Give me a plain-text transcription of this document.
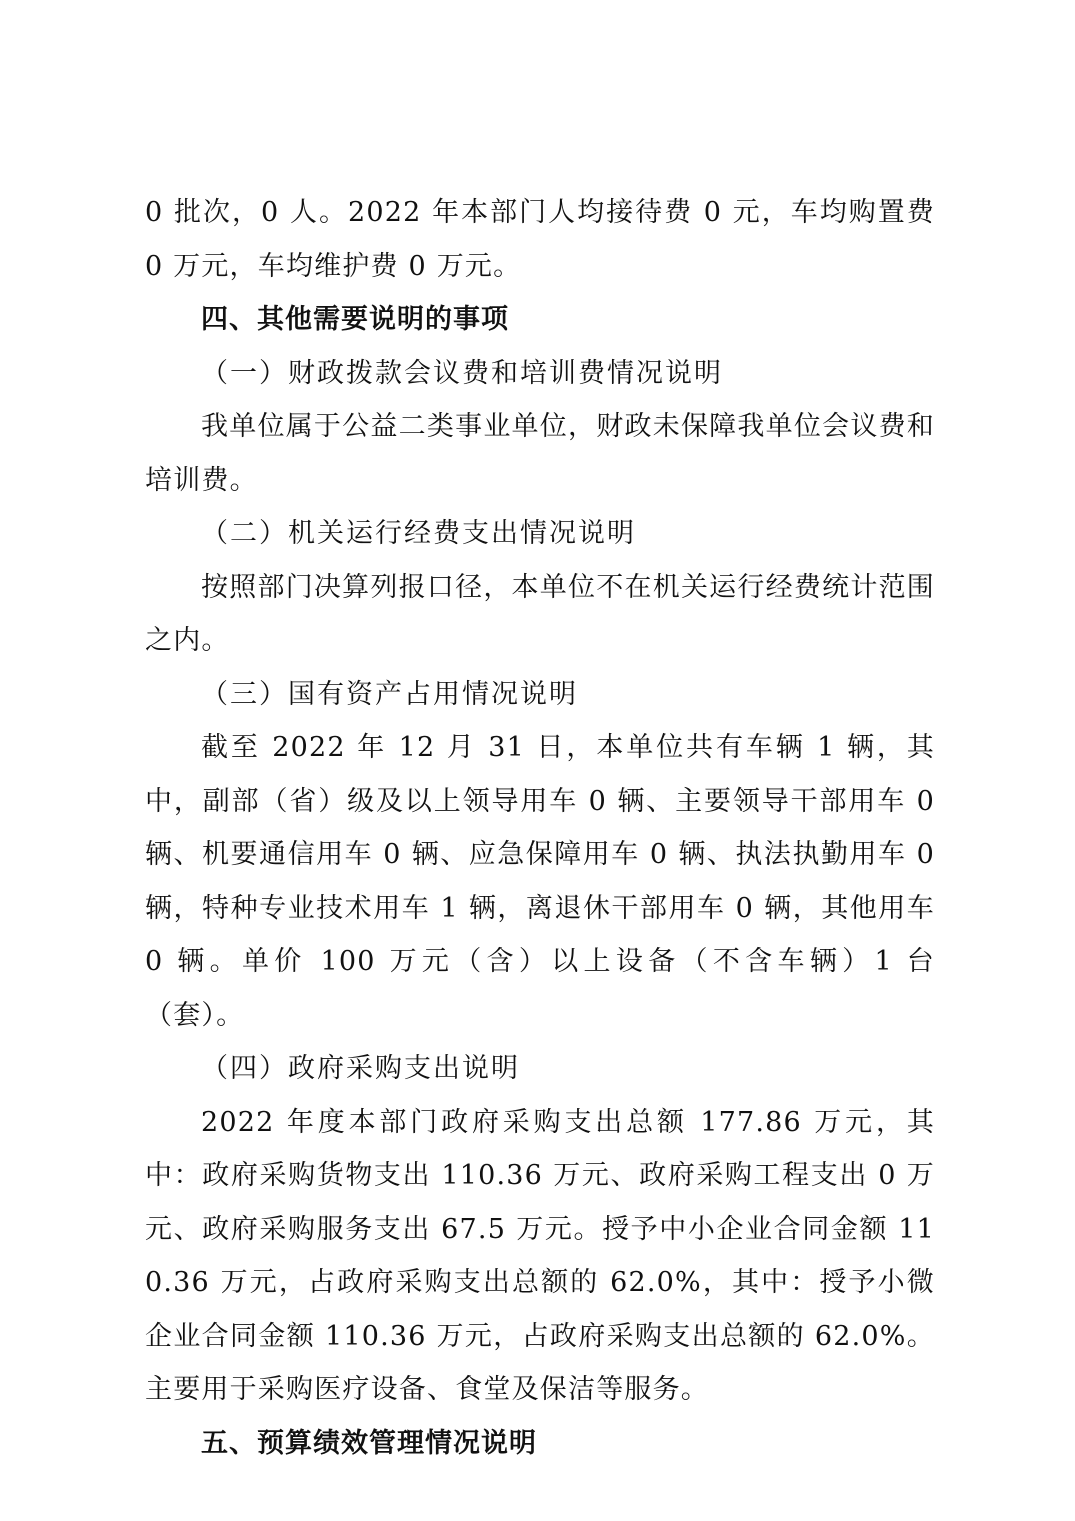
0 批次，0 人。2022 年本部门人均接待费 0 元，车均购置费 0 万元，车均维护费 0 万元。

四、其他需要说明的事项

（一）财政拨款会议费和培训费情况说明

我单位属于公益二类事业单位，财政未保障我单位会议费和培训费。

（二）机关运行经费支出情况说明

按照部门决算列报口径，本单位不在机关运行经费统计范围之内。

（三）国有资产占用情况说明

截至 2022 年 12 月 31 日，本单位共有车辆 1 辆，其中，副部（省）级及以上领导用车 0 辆、主要领导干部用车 0 辆、机要通信用车 0 辆、应急保障用车 0 辆、执法执勤用车 0 辆，特种专业技术用车 1 辆，离退休干部用车 0 辆，其他用车 0 辆。单价 100 万元（含）以上设备（不含车辆）1 台（套）。

（四）政府采购支出说明

2022 年度本部门政府采购支出总额 177.86 万元，其中：政府采购货物支出 110.36 万元、政府采购工程支出 0 万元、政府采购服务支出 67.5 万元。授予中小企业合同金额 110.36 万元，占政府采购支出总额的 62.0%，其中：授予小微企业合同金额 110.36 万元，占政府采购支出总额的 62.0%。主要用于采购医疗设备、食堂及保洁等服务。

五、预算绩效管理情况说明
